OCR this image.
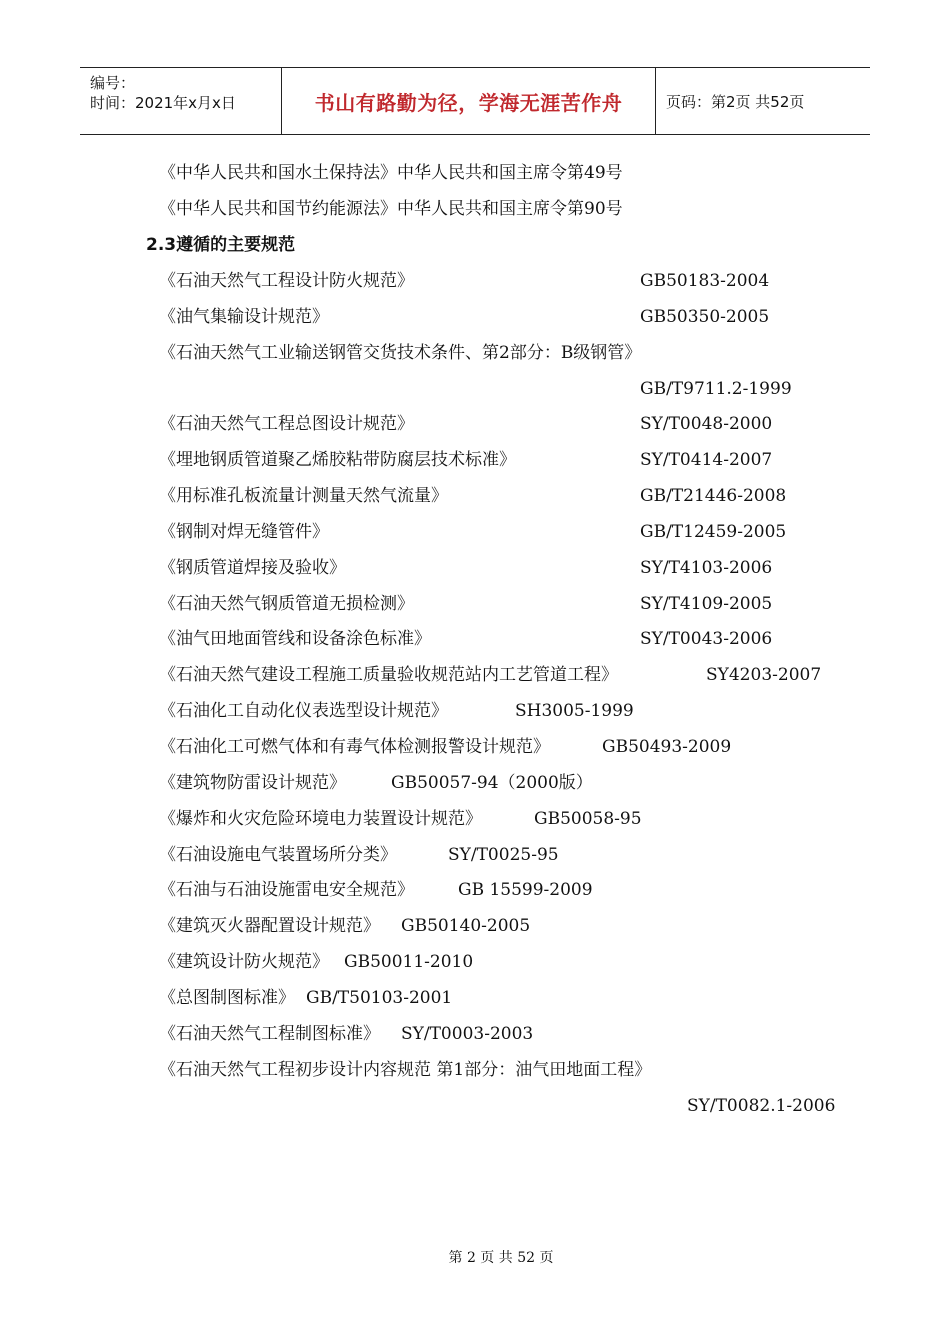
编号：
时间：2021年x月x日	书山有路勤为径，学海无涯苦作舟	页码：第2页 共52页
《中华人民共和国水土保持法》中华人民共和国主席令第49号
《中华人民共和国节约能源法》中华人民共和国主席令第90号
2.3遵循的主要规范
《石油天然气工程设计防火规范》	GB50183-2004
《油气集输设计规范》	GB50350-2005
《石油天然气工业输送钢管交货技术条件、第2部分：B级钢管》
GB/T9711.2-1999
《石油天然气工程总图设计规范》	SY/T0048-2000
《埋地钢质管道聚乙烯胶粘带防腐层技术标准》	SY/T0414-2007
《用标准孔板流量计测量天然气流量》	GB/T21446-2008
《钢制对焊无缝管件》	GB/T12459-2005
《钢质管道焊接及验收》	SY/T4103-2006
《石油天然气钢质管道无损检测》	SY/T4109-2005
《油气田地面管线和设备涂色标准》	SY/T0043-2006
《石油天然气建设工程施工质量验收规范站内工艺管道工程》	SY4203-2007
《石油化工自动化仪表选型设计规范》	SH3005-1999
《石油化工可燃气体和有毒气体检测报警设计规范》	GB50493-2009
《建筑物防雷设计规范》	GB50057-94（2000版）
《爆炸和火灾危险环境电力装置设计规范》	GB50058-95
《石油设施电气装置场所分类》	SY/T0025-95
《石油与石油设施雷电安全规范》	GB 15599-2009
《建筑灭火器配置设计规范》 GB50140-2005
《建筑设计防火规范》 GB50011-2010
《总图制图标准》 GB/T50103-2001
《石油天然气工程制图标准》 SY/T0003-2003
《石油天然气工程初步设计内容规范 第1部分：油气田地面工程》
SY/T0082.1-2006
第 2 页 共 52 页
